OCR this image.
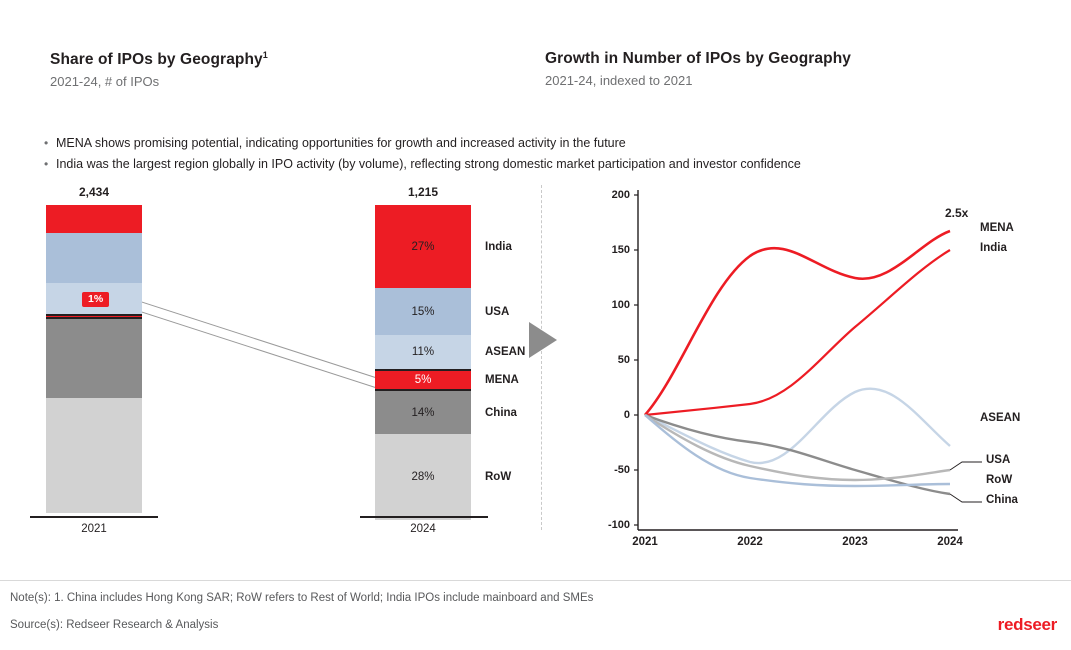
Share of IPOs by Geography$^1$
2021-24, # of IPOs
Growth in Number of IPOs by Geography
2021-24, indexed to 2021
• MENA shows promising potential, indicating opportunities for growth and increased activity in the future
• India was the largest region globally in IPO activity (by volume), reflecting strong domestic market participation and investor confidence
2,434
1%
1,215
27%	India
15%	USA
11%	ASEAN
5%	MENA
14%	China
28%	RoW
2021	2024
200
150
100
50
0
-50
-100
2021	2022	2023	2024
2.5x
MENA
India
ASEAN
USA
RoW
China
Note(s): 1. China includes Hong Kong SAR; RoW refers to Rest of World; India IPOs include mainboard and SMEs
Source(s): Redseer Research & Analysis	redseer
